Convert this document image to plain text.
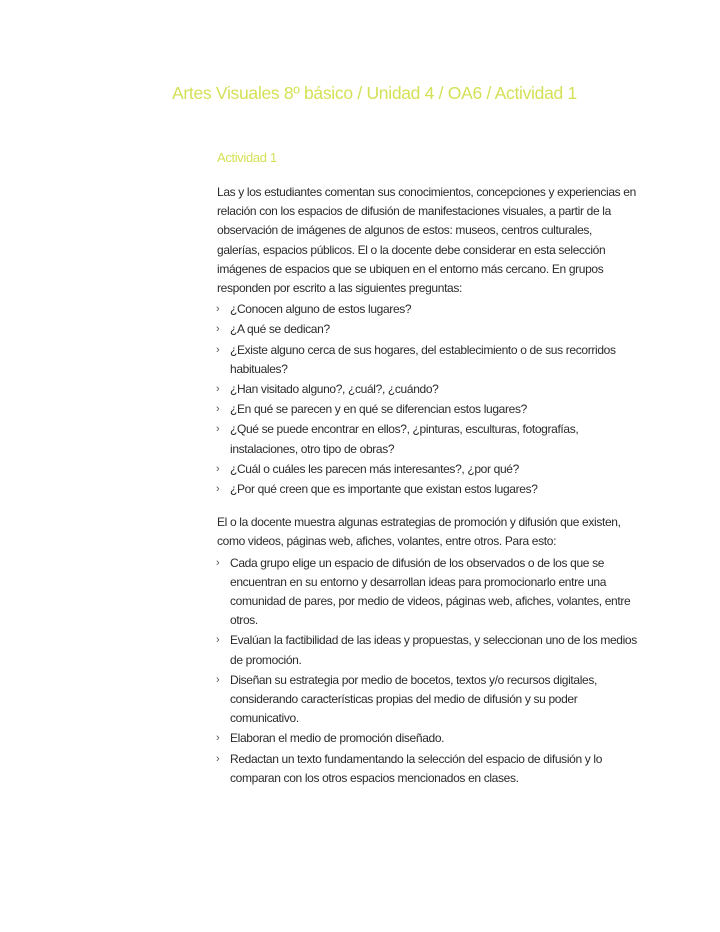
Artes Visuales 8º básico / Unidad 4 / OA6 / Actividad 1
Actividad 1

Las y los estudiantes comentan sus conocimientos, concepciones y experiencias en relación con los espacios de difusión de manifestaciones visuales, a partir de la observación de imágenes de algunos de estos: museos, centros culturales, galerías, espacios públicos. El o la docente debe considerar en esta selección imágenes de espacios que se ubiquen en el entorno más cercano. En grupos responden por escrito a las siguientes preguntas:

› ¿Conocen alguno de estos lugares?
› ¿A qué se dedican?
› ¿Existe alguno cerca de sus hogares, del establecimiento o de sus recorridos habituales?
› ¿Han visitado alguno?, ¿cuál?, ¿cuándo?
› ¿En qué se parecen y en qué se diferencian estos lugares?
› ¿Qué se puede encontrar en ellos?, ¿pinturas, esculturas, fotografías, instalaciones, otro tipo de obras?
› ¿Cuál o cuáles les parecen más interesantes?, ¿por qué?
› ¿Por qué creen que es importante que existan estos lugares?

El o la docente muestra algunas estrategias de promoción y difusión que existen, como videos, páginas web, afiches, volantes, entre otros. Para esto:

› Cada grupo elige un espacio de difusión de los observados o de los que se encuentran en su entorno y desarrollan ideas para promocionarlo entre una comunidad de pares, por medio de videos, páginas web, afiches, volantes, entre otros.
› Evalúan la factibilidad de las ideas y propuestas, y seleccionan uno de los medios de promoción.
› Diseñan su estrategia por medio de bocetos, textos y/o recursos digitales, considerando características propias del medio de difusión y su poder comunicativo.
› Elaboran el medio de promoción diseñado.
› Redactan un texto fundamentando la selección del espacio de difusión y lo comparan con los otros espacios mencionados en clases.
